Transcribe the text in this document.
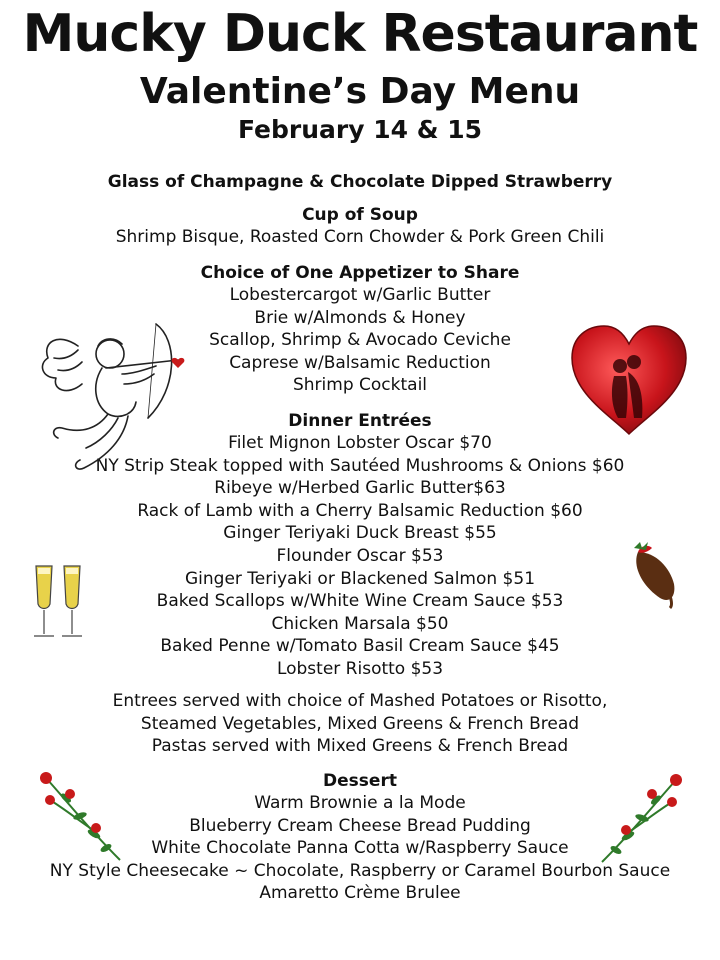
Mucky Duck Restaurant
Valentine’s Day Menu
February 14 & 15
Glass of Champagne & Chocolate Dipped Strawberry
Cup of Soup
Shrimp Bisque, Roasted Corn Chowder & Pork Green Chili
Choice of One Appetizer to Share
Lobestercargot w/Garlic Butter
Brie w/Almonds & Honey
Scallop, Shrimp & Avocado Ceviche
Caprese w/Balsamic Reduction
Shrimp Cocktail
Dinner Entrées
Filet Mignon Lobster Oscar $70
NY Strip Steak topped with Sautéed Mushrooms & Onions $60
Ribeye w/Herbed Garlic Butter$63
Rack of Lamb with a Cherry Balsamic Reduction $60
Ginger Teriyaki Duck Breast $55
Flounder Oscar $53
Ginger Teriyaki or Blackened Salmon $51
Baked Scallops w/White Wine Cream Sauce $53
Chicken Marsala $50
Baked Penne w/Tomato Basil Cream Sauce $45
Lobster Risotto $53
Entrees served with choice of Mashed Potatoes or Risotto,
Steamed Vegetables, Mixed Greens & French Bread
Pastas served with Mixed Greens & French Bread
Dessert
Warm Brownie a la Mode
Blueberry Cream Cheese Bread Pudding
White Chocolate Panna Cotta w/Raspberry Sauce
NY Style Cheesecake ~ Chocolate, Raspberry or Caramel Bourbon Sauce
Amaretto Crème Brulee
